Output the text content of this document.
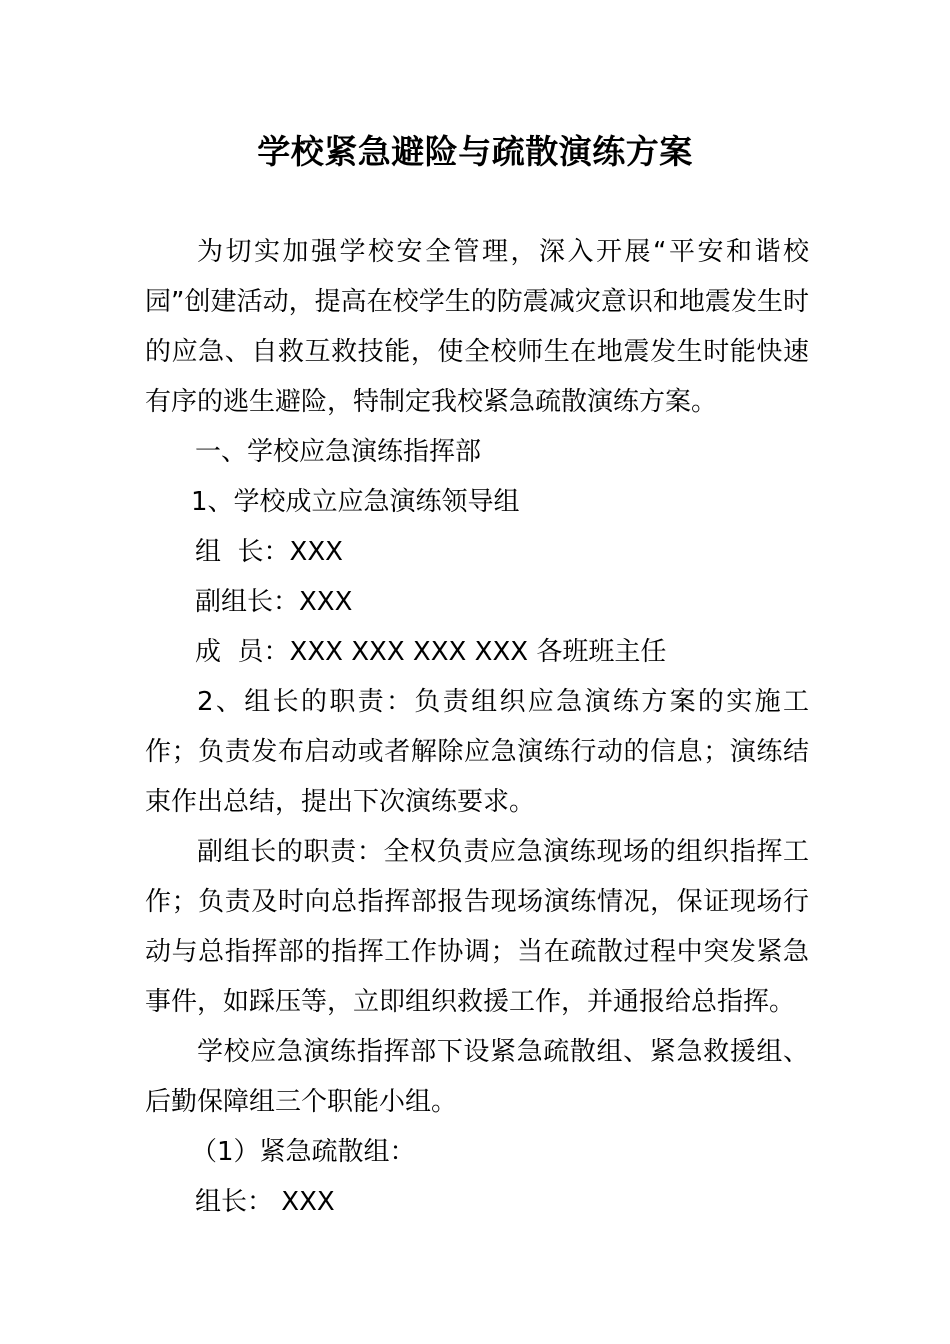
学校紧急避险与疏散演练方案

为切实加强学校安全管理，深入开展“平安和谐校园”创建活动，提高在校学生的防震减灾意识和地震发生时的应急、自救互救技能，使全校师生在地震发生时能快速有序的逃生避险，特制定我校紧急疏散演练方案。

一、学校应急演练指挥部

1、学校成立应急演练领导组

组  长：XXX

副组长：XXX

成  员：XXX XXX XXX XXX 各班班主任

2、组长的职责：负责组织应急演练方案的实施工作；负责发布启动或者解除应急演练行动的信息；演练结束作出总结，提出下次演练要求。

副组长的职责：全权负责应急演练现场的组织指挥工作；负责及时向总指挥部报告现场演练情况，保证现场行动与总指挥部的指挥工作协调；当在疏散过程中突发紧急事件，如踩压等，立即组织救援工作，并通报给总指挥。

学校应急演练指挥部下设紧急疏散组、紧急救援组、后勤保障组三个职能小组。

（1）紧急疏散组：

组长： XXX
